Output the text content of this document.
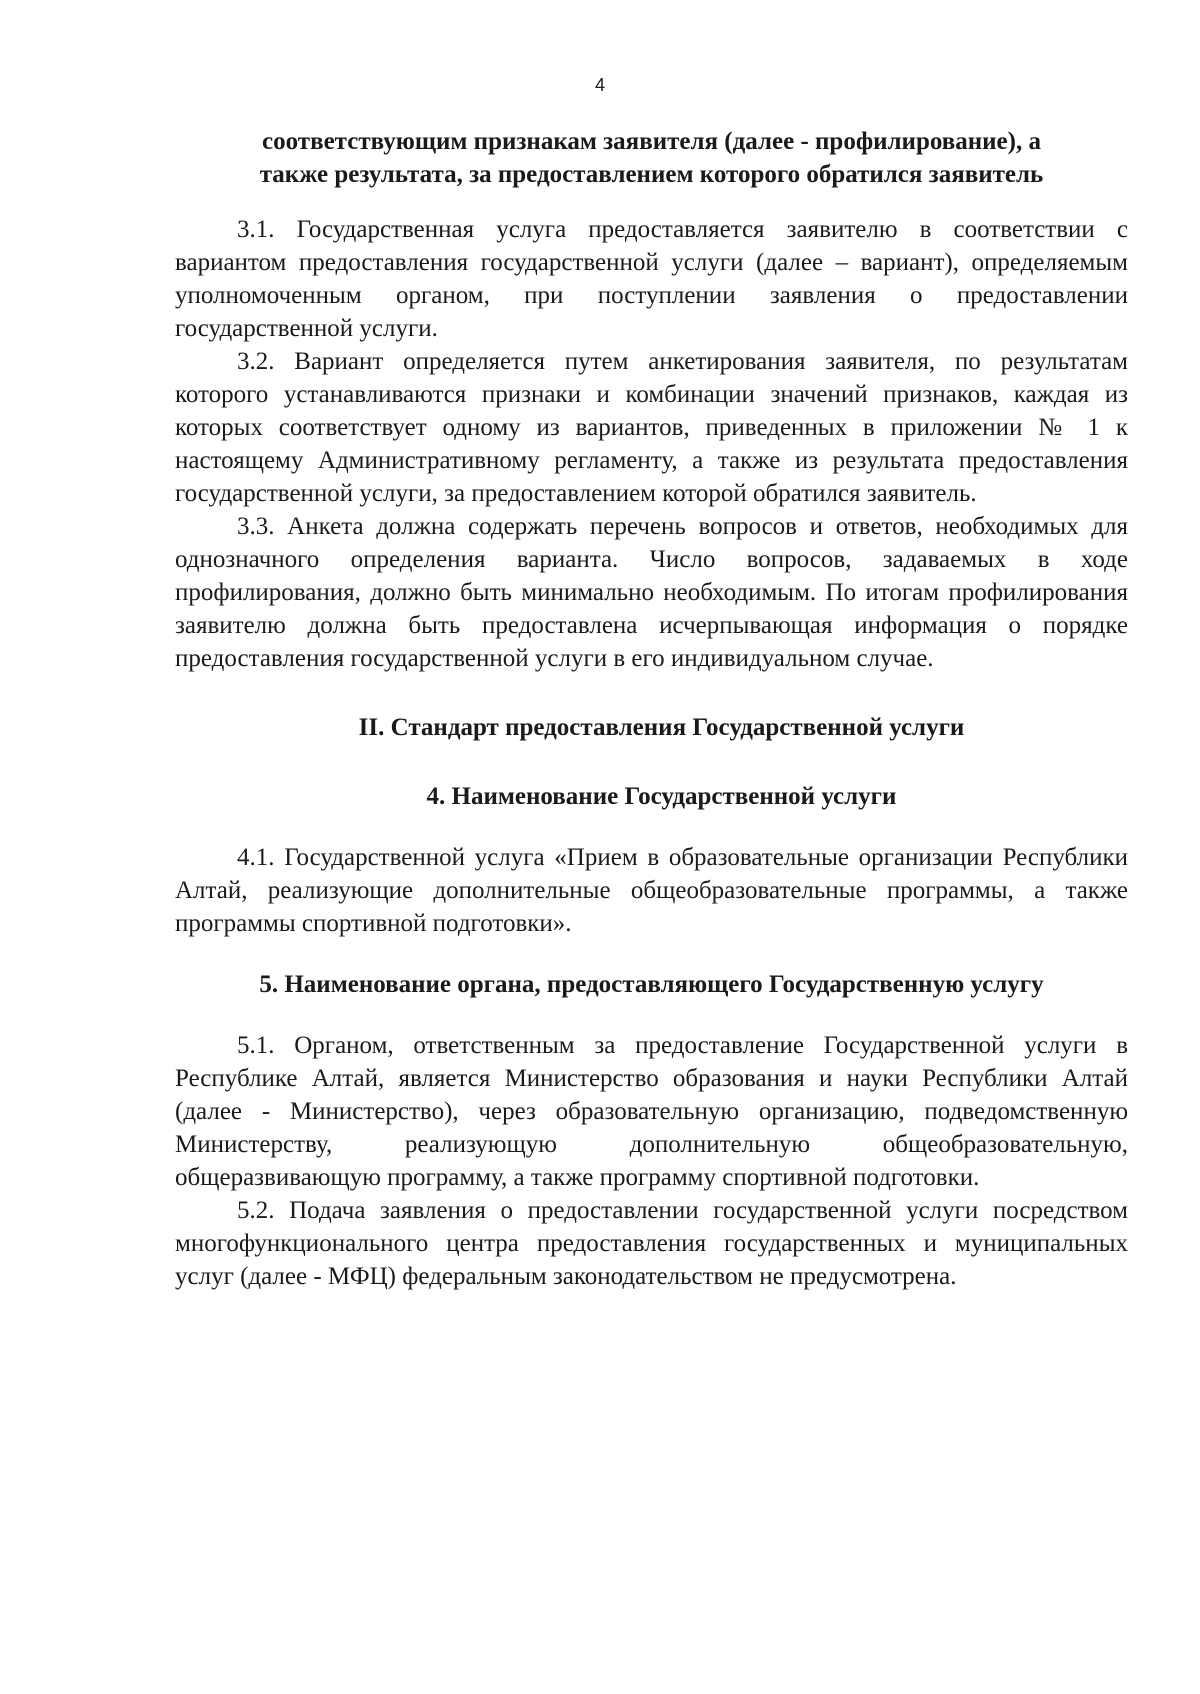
4

соответствующим признакам заявителя (далее - профилирование), а

также результата, за предоставлением которого обратился заявитель

3.1. Государственная услуга предоставляется заявителю в соответствии с вариантом предоставления государственной услуги (далее – вариант), определяемым уполномоченным органом, при поступлении заявления о предоставлении государственной услуги.

3.2. Вариант определяется путем анкетирования заявителя, по результатам которого устанавливаются признаки и комбинации значений признаков, каждая из которых соответствует одному из вариантов, приведенных в приложении № 1 к настоящему Административному регламенту, а также из результата предоставления государственной услуги, за предоставлением которой обратился заявитель.

3.3. Анкета должна содержать перечень вопросов и ответов, необходимых для однозначного определения варианта. Число вопросов, задаваемых в ходе профилирования, должно быть минимально необходимым. По итогам профилирования заявителю должна быть предоставлена исчерпывающая информация о порядке предоставления государственной услуги в его индивидуальном случае.

II. Стандарт предоставления Государственной услуги

4. Наименование Государственной услуги

4.1. Государственной услуга «Прием в образовательные организации Республики Алтай, реализующие дополнительные общеобразовательные программы, а также программы спортивной подготовки».

5. Наименование органа, предоставляющего Государственную услугу

5.1. Органом, ответственным за предоставление Государственной услуги в Республике Алтай, является Министерство образования и науки Республики Алтай (далее - Министерство), через образовательную организацию, подведомственную Министерству, реализующую дополнительную общеобразовательную, общеразвивающую программу, а также программу спортивной подготовки.

5.2. Подача заявления о предоставлении государственной услуги посредством многофункционального центра предоставления государственных и муниципальных услуг (далее - МФЦ) федеральным законодательством не предусмотрена.
